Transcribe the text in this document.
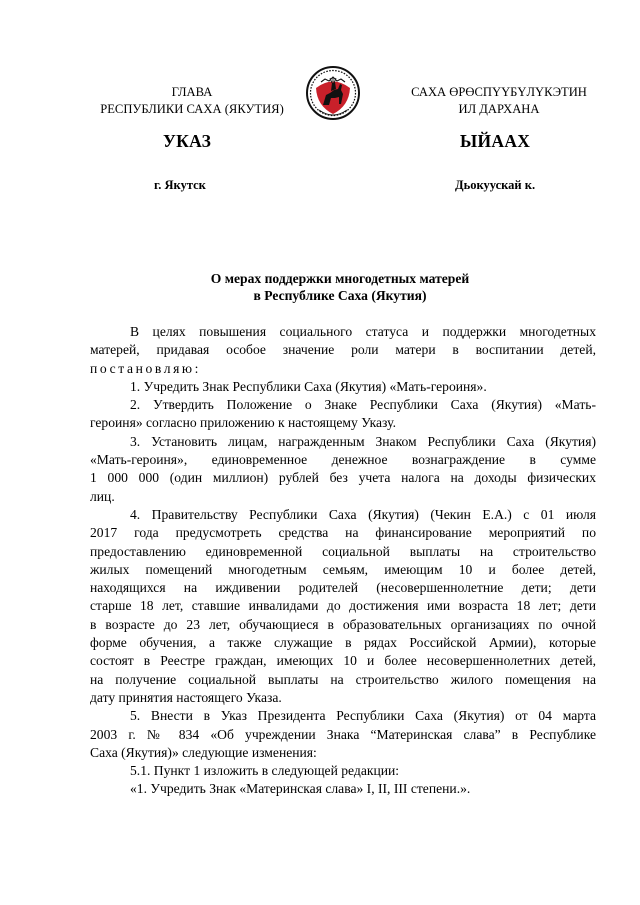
ГЛАВА
РЕСПУБЛИКИ САХА (ЯКУТИЯ)
САХА ӨРӨСПҮҮБҮЛҮКЭТИН
ИЛ ДАРХАНА
УКАЗ	ЫЙААХ
г. Якутск	Дьокуускай к.
О мерах поддержки многодетных матерей
в Республике Саха (Якутия)
В целях повышения социального статуса и поддержки многодетных
матерей, придавая особое значение роли матери в воспитании детей,
постановляю:
1. Учредить Знак Республики Саха (Якутия) «Мать-героиня».
2. Утвердить Положение о Знаке Республики Саха (Якутия) «Мать-
героиня» согласно приложению к настоящему Указу.
3. Установить лицам, награжденным Знаком Республики Саха (Якутия)
«Мать-героиня», единовременное денежное вознаграждение в сумме
1 000 000 (один миллион) рублей без учета налога на доходы физических
лиц.
4. Правительству Республики Саха (Якутия) (Чекин Е.А.) с 01 июля
2017 года предусмотреть средства на финансирование мероприятий по
предоставлению единовременной социальной выплаты на строительство
жилых помещений многодетным семьям, имеющим 10 и более детей,
находящихся на иждивении родителей (несовершеннолетние дети; дети
старше 18 лет, ставшие инвалидами до достижения ими возраста 18 лет; дети
в возрасте до 23 лет, обучающиеся в образовательных организациях по очной
форме обучения, а также служащие в рядах Российской Армии), которые
состоят в Реестре граждан, имеющих 10 и более несовершеннолетних детей,
на получение социальной выплаты на строительство жилого помещения на
дату принятия настоящего Указа.
5. Внести в Указ Президента Республики Саха (Якутия) от 04 марта
2003 г. № 834 «Об учреждении Знака “Материнская слава” в Республике
Саха (Якутия)» следующие изменения:
5.1. Пункт 1 изложить в следующей редакции:
«1. Учредить Знак «Материнская слава» I, II, III степени.».
